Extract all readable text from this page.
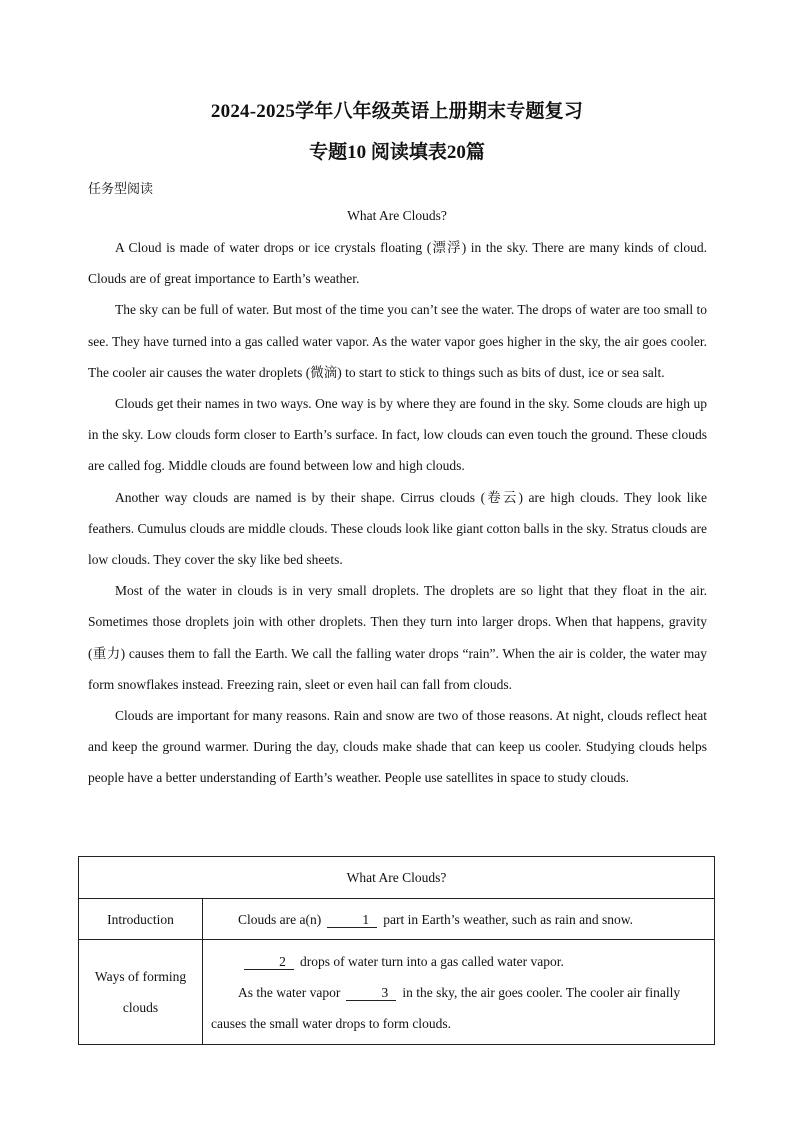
2024-2025学年八年级英语上册期末专题复习
专题10 阅读填表20篇
任务型阅读
What Are Clouds?

A Cloud is made of water drops or ice crystals floating (漂浮) in the sky. There are many kinds of cloud. Clouds are of great importance to Earth’s weather.

The sky can be full of water. But most of the time you can’t see the water. The drops of water are too small to see. They have turned into a gas called water vapor. As the water vapor goes higher in the sky, the air goes cooler. The cooler air causes the water droplets (微滴) to start to stick to things such as bits of dust, ice or sea salt.

Clouds get their names in two ways. One way is by where they are found in the sky. Some clouds are high up in the sky. Low clouds form closer to Earth’s surface. In fact, low clouds can even touch the ground. These clouds are called fog. Middle clouds are found between low and high clouds.

Another way clouds are named is by their shape. Cirrus clouds (卷云) are high clouds. They look like feathers. Cumulus clouds are middle clouds. These clouds look like giant cotton balls in the sky. Stratus clouds are low clouds. They cover the sky like bed sheets.

Most of the water in clouds is in very small droplets. The droplets are so light that they float in the air. Sometimes those droplets join with other droplets. Then they turn into larger drops. When that happens, gravity (重力) causes them to fall the Earth. We call the falling water drops “rain”. When the air is colder, the water may form snowflakes instead. Freezing rain, sleet or even hail can fall from clouds.

Clouds are important for many reasons. Rain and snow are two of those reasons. At night, clouds reflect heat and keep the ground warmer. During the day, clouds make shade that can keep us cooler. Studying clouds helps people have a better understanding of Earth’s weather. People use satellites in space to study clouds.

What Are Clouds?	
Introduction	Clouds are a(n) 1 part in Earth’s weather, such as rain and snow.

Ways of forming clouds	2 drops of water turn into a gas called water vapor.
As the water vapor 3 in the sky, the air goes cooler. The cooler air finally
causes the small water drops to form clouds.
